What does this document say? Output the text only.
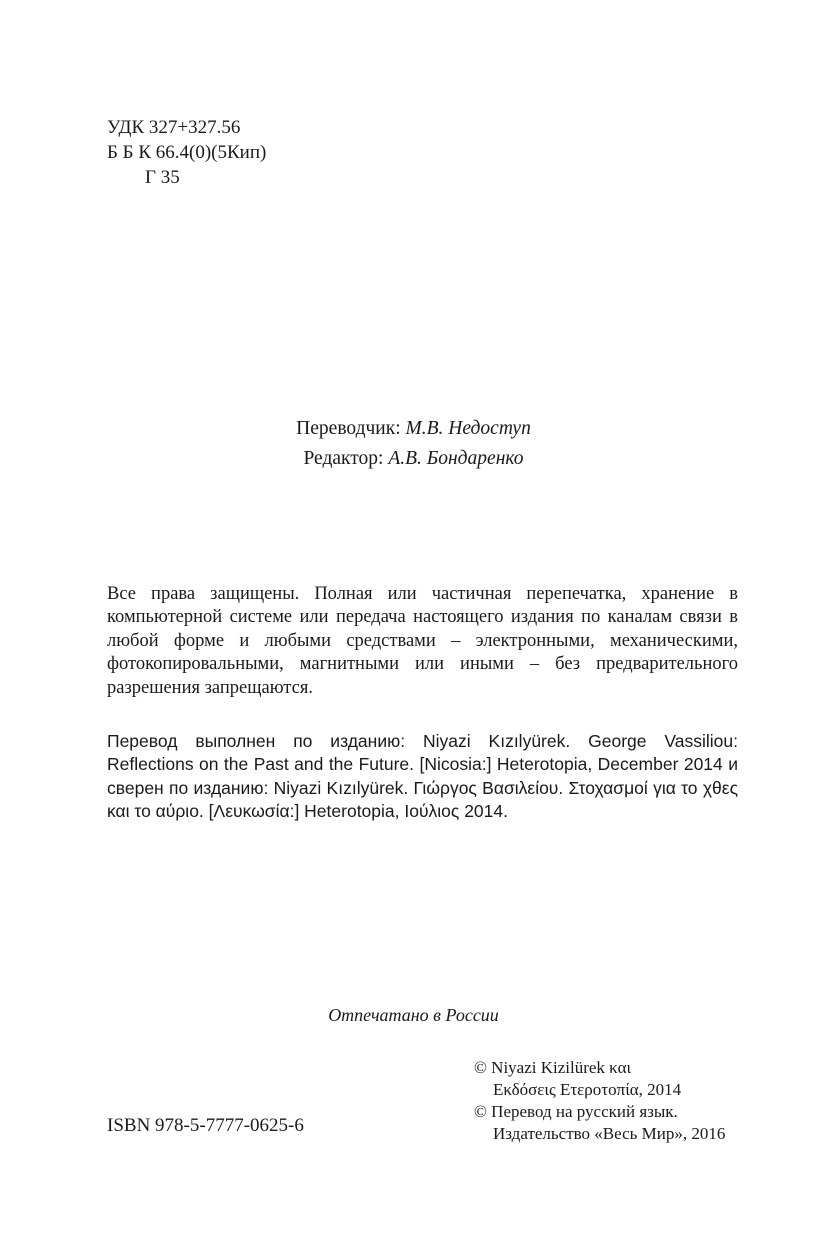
УДК 327+327.56
Б Б К 66.4(0)(5Кип)
Г 35
Переводчик: М.В. Недоступ
Редактор: А.В. Бондаренко

Все права защищены. Полная или частичная перепечатка, хранение в компьютерной системе или передача настоящего издания по каналам связи в любой форме и любыми средствами – электронными, механическими, фотокопировальными, магнитными или иными – без предварительного разрешения запрещаются.

Перевод выполнен по изданию: Niyazi Kızılyürek. George Vassiliou: Reflections on the Past and the Future. [Nicosia:] Heterotopia, December 2014 и сверен по изданию: Niyazi Kızılyürek. Γιώργος Βασιλείου. Στοχασμοί για το χθες και το αύριο. [Λευκωσία:] Heterotopia, Ιούλιος 2014.

Отпечатано в России
© Niyazi Kizilürek και
Εκδόσεις Ετεροτοπία, 2014
© Перевод на русский язык.
Издательство «Весь Мир», 2016
ISBN 978-5-7777-0625-6
